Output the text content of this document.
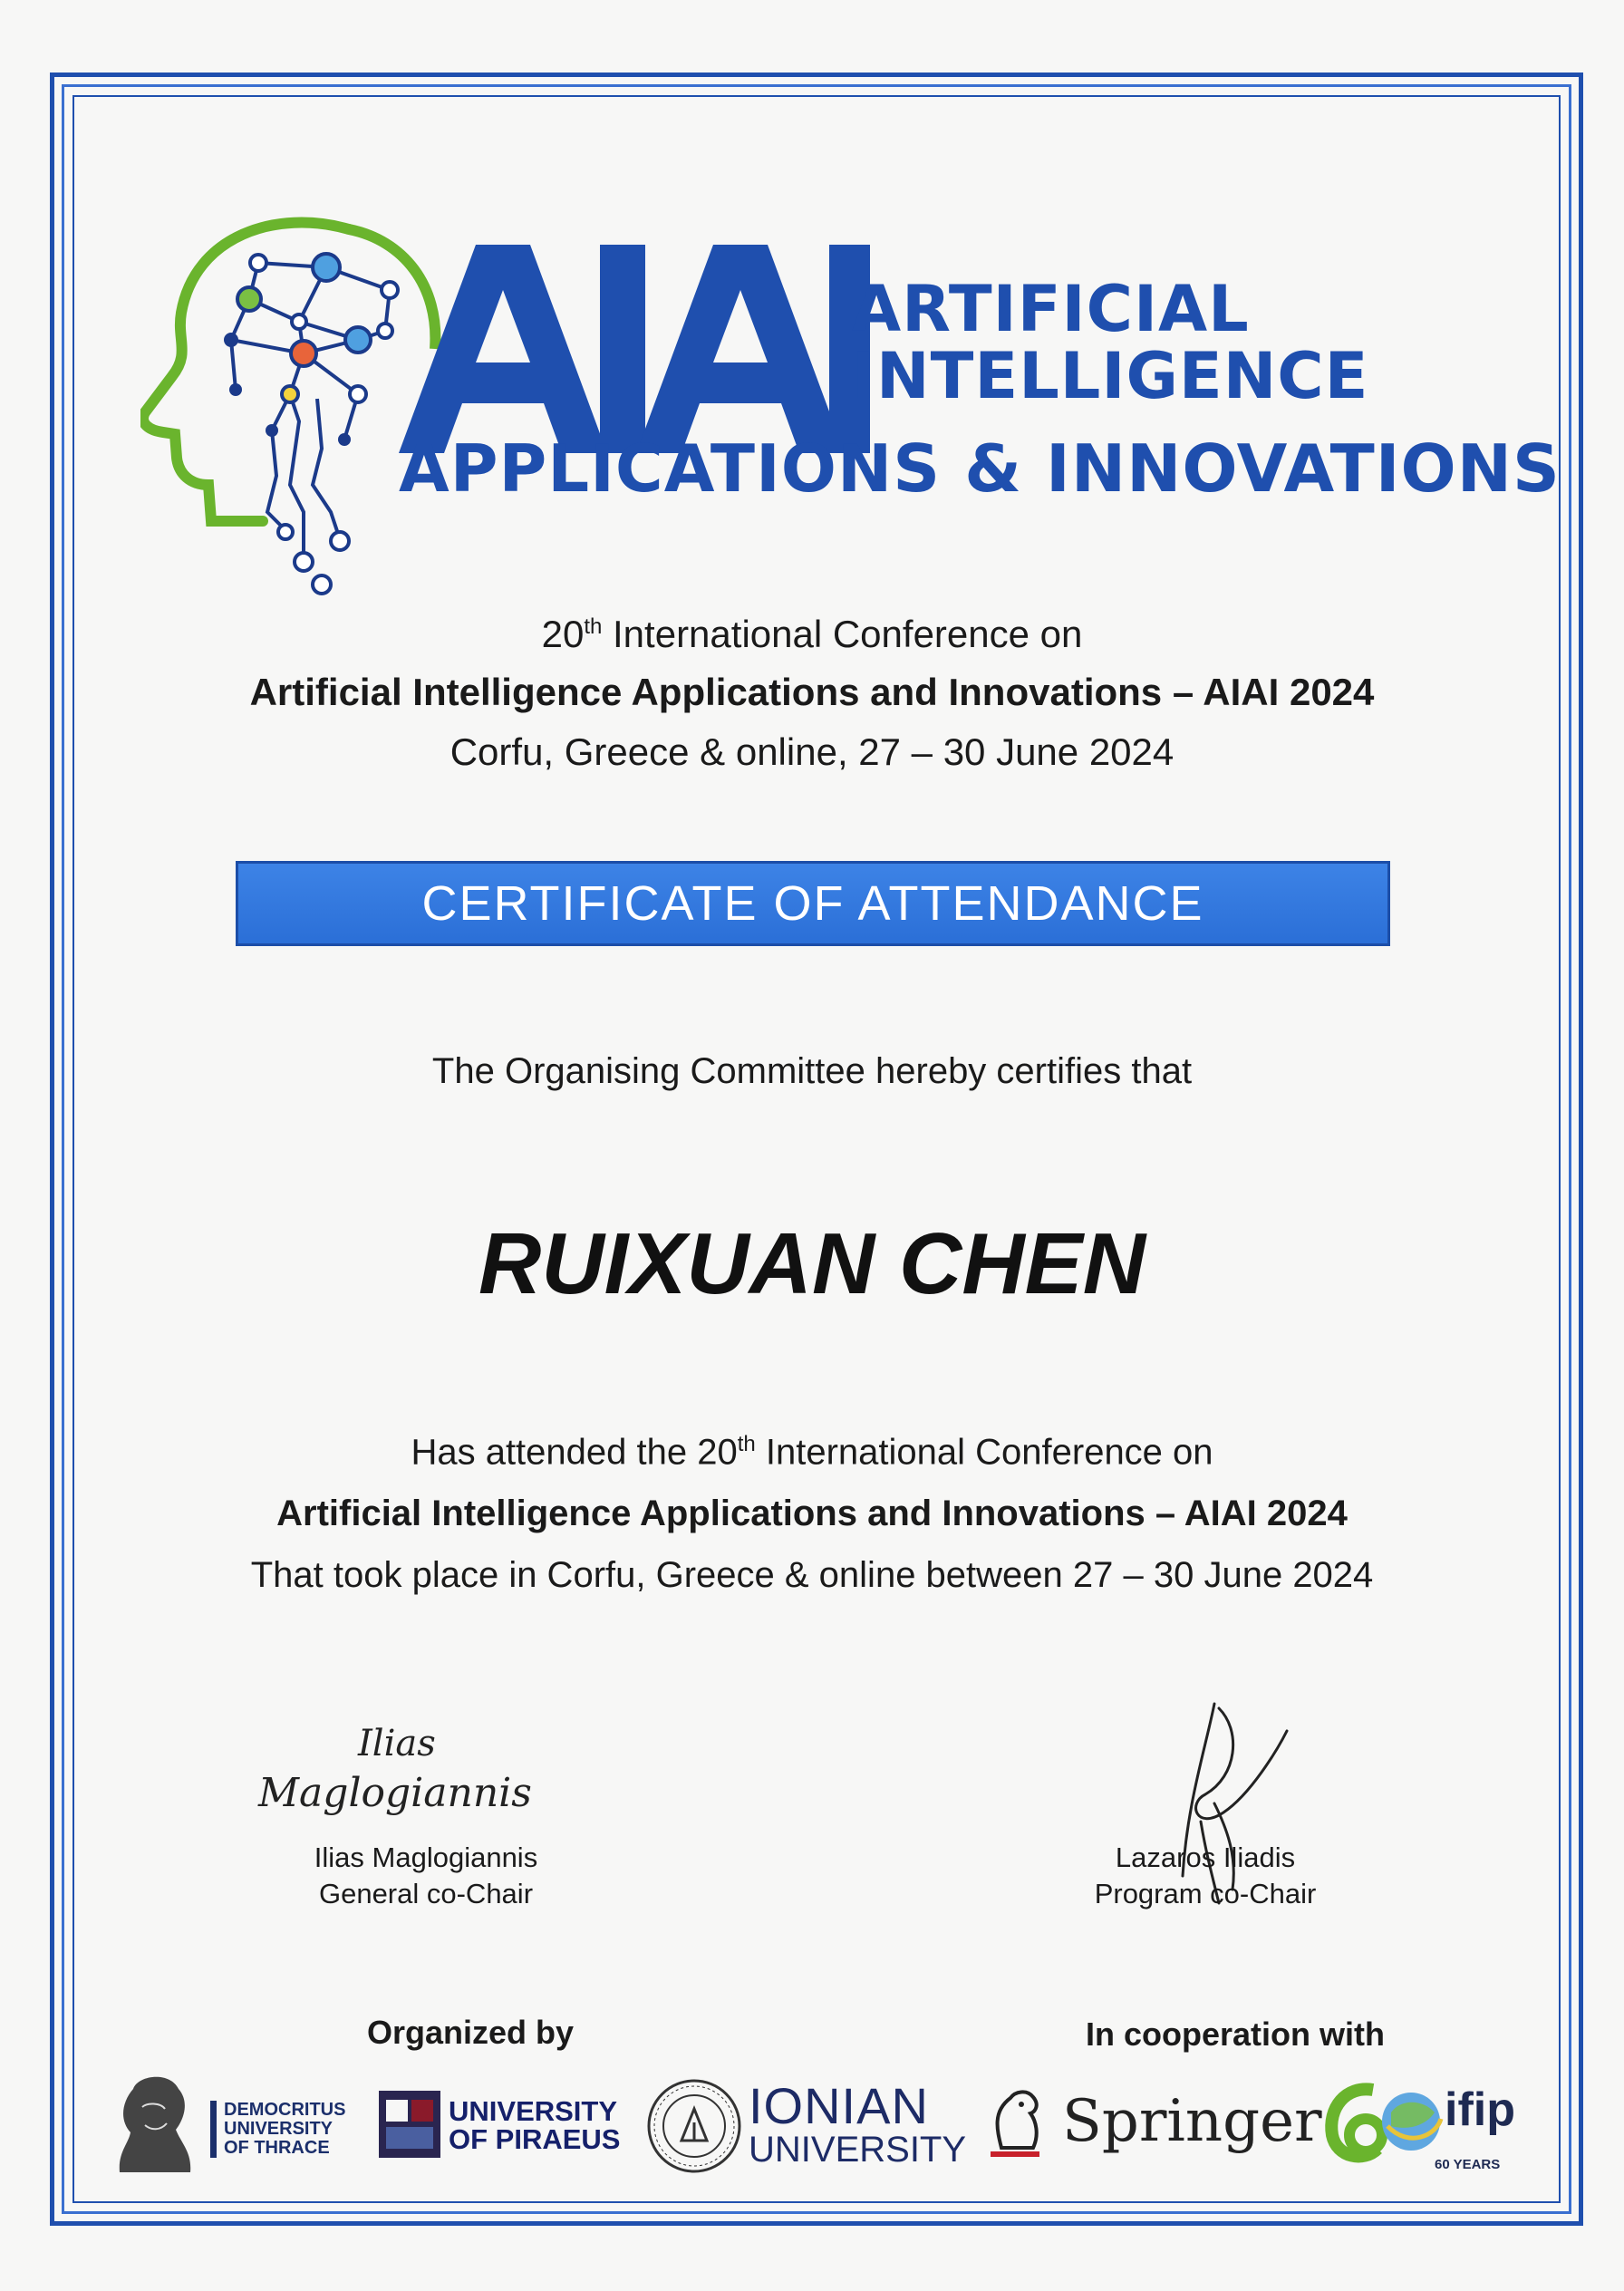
ARTIFICIAL
INTELLIGENCE
APPLICATIONS & INNOVATIONS
20th International Conference on
Artificial Intelligence Applications and Innovations – AIAI 2024
Corfu, Greece & online, 27 – 30 June 2024
CERTIFICATE OF ATTENDANCE
The Organising Committee hereby certifies that
RUIXUAN CHEN
Has attended the 20th International Conference on
Artificial Intelligence Applications and Innovations – AIAI 2024
That took place in Corfu, Greece & online between 27 – 30 June 2024
Ilias
Maglogiannis
Ilias Maglogiannis
General co-Chair
Lazaros Iliadis
Program co-Chair
Organized by	In cooperation with
DEMOCRITUS
UNIVERSITY
OF THRACE
UNIVERSITY
OF PIRAEUS
IONIAN
UNIVERSITY Springer	ifip
60 YEARS
